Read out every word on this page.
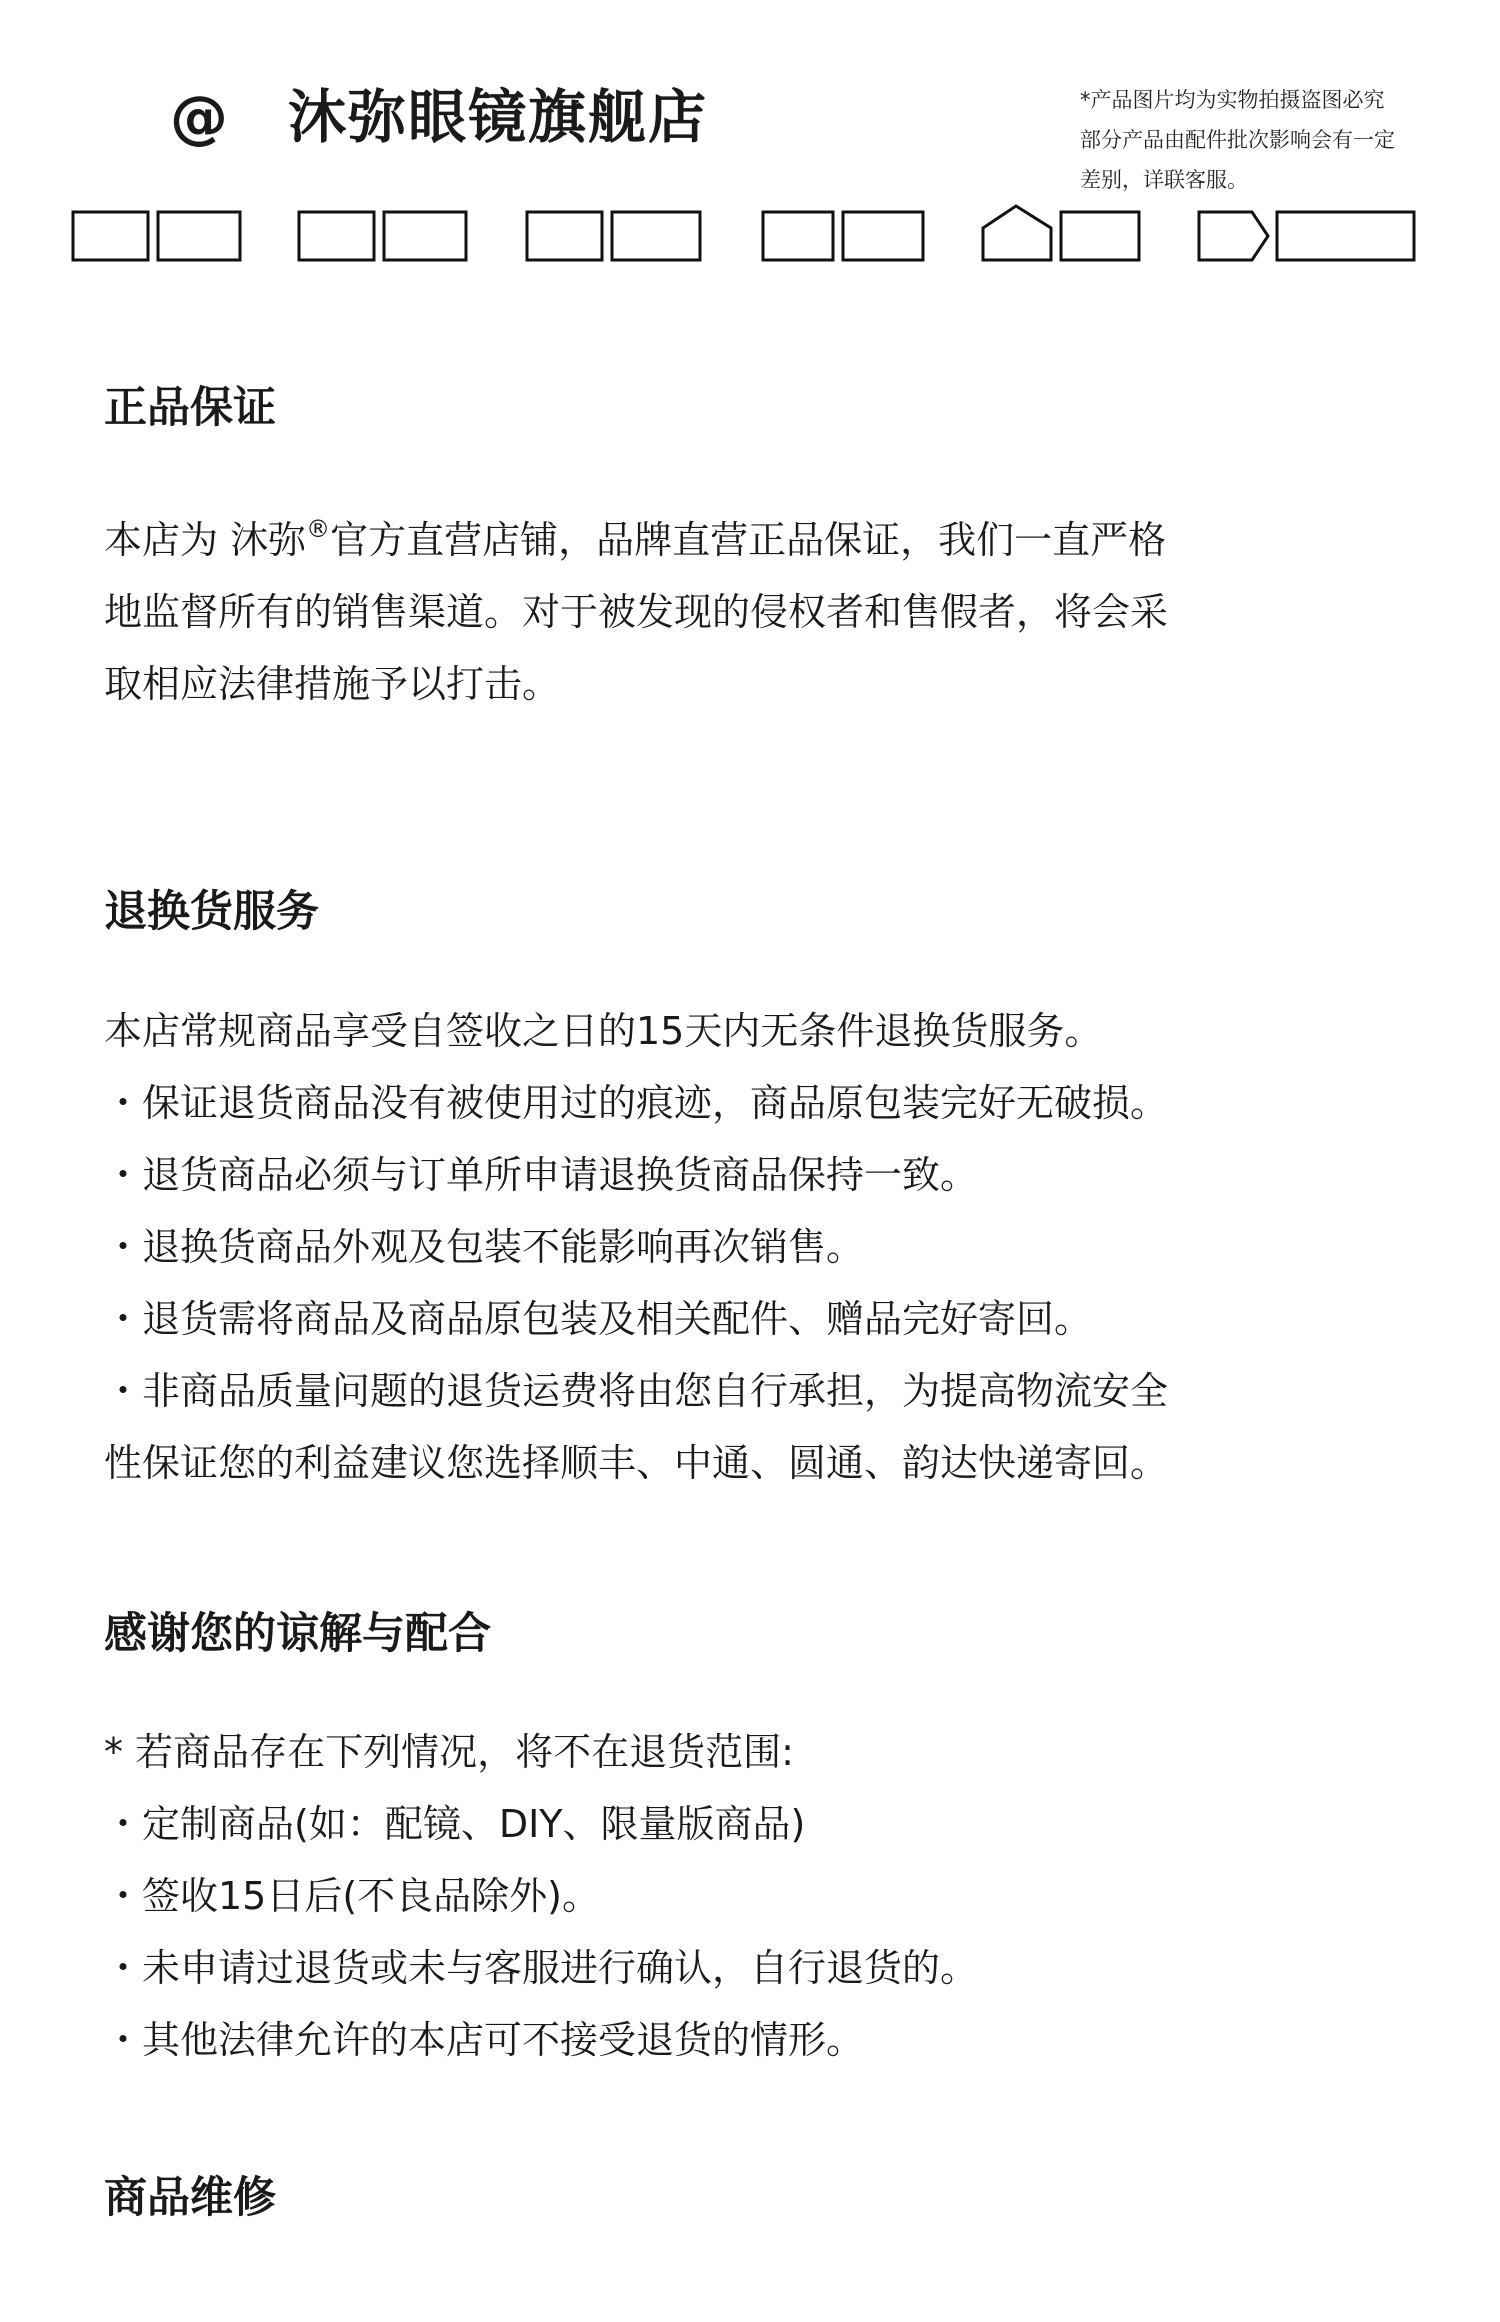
@ 沐弥眼镜旗舰店	*产品图片均为实物拍摄盗图必究
部分产品由配件批次影响会有一定
差别，详联客服。
正品保证
本店为 沐弥®官方直营店铺，品牌直营正品保证，我们一直严格
地监督所有的销售渠道。对于被发现的侵权者和售假者，将会采
取相应法律措施予以打击。
退换货服务
本店常规商品享受自签收之日的15天内无条件退换货服务。
・保证退货商品没有被使用过的痕迹，商品原包装完好无破损。
・退货商品必须与订单所申请退换货商品保持一致。
・退换货商品外观及包装不能影响再次销售。
・退货需将商品及商品原包装及相关配件、赠品完好寄回。
・非商品质量问题的退货运费将由您自行承担，为提高物流安全
性保证您的利益建议您选择顺丰、中通、圆通、韵达快递寄回。
感谢您的谅解与配合
* 若商品存在下列情况，将不在退货范围:
・定制商品(如：配镜、DIY、限量版商品)
・签收15日后(不良品除外)。
・未申请过退货或未与客服进行确认，自行退货的。
・其他法律允许的本店可不接受退货的情形。
商品维修
